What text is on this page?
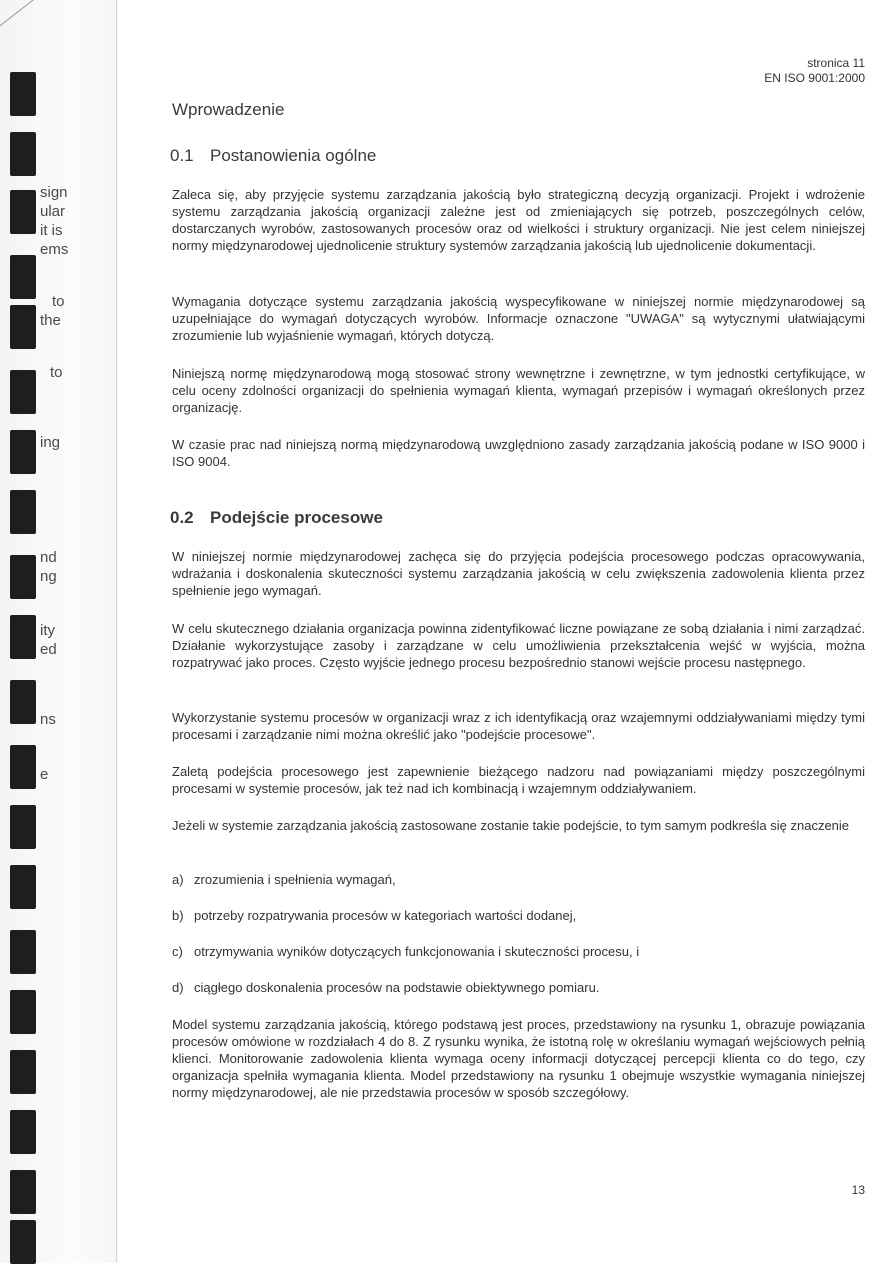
sign
ular
it is
ems
to
the
to
ing
nd
ng
ity
ed
ns
e
stronica 11
EN ISO 9001:2000
Wprowadzenie
0.1 Postanowienia ogólne

Zaleca się, aby przyjęcie systemu zarządzania jakością było strategiczną decyzją organizacji. Projekt i wdrożenie systemu zarządzania jakością organizacji zależne jest od zmieniających się potrzeb, poszczególnych celów, dostarczanych wyrobów, zastosowanych procesów oraz od wielkości i struktury organizacji. Nie jest celem niniejszej normy międzynarodowej ujednolicenie struktury systemów zarządzania jakością lub ujednolicenie dokumentacji.

Wymagania dotyczące systemu zarządzania jakością wyspecyfikowane w niniejszej normie międzynarodowej są uzupełniające do wymagań dotyczących wyrobów. Informacje oznaczone "UWAGA" są wytycznymi ułatwiającymi zrozumienie lub wyjaśnienie wymagań, których dotyczą.

Niniejszą normę międzynarodową mogą stosować strony wewnętrzne i zewnętrzne, w tym jednostki certyfikujące, w celu oceny zdolności organizacji do spełnienia wymagań klienta, wymagań przepisów i wymagań określonych przez organizację.

W czasie prac nad niniejszą normą międzynarodową uwzględniono zasady zarządzania jakością podane w ISO 9000 i ISO 9004.

0.2 Podejście procesowe

W niniejszej normie międzynarodowej zachęca się do przyjęcia podejścia procesowego podczas opracowywania, wdrażania i doskonalenia skuteczności systemu zarządzania jakością w celu zwiększenia zadowolenia klienta przez spełnienie jego wymagań.

W celu skutecznego działania organizacja powinna zidentyfikować liczne powiązane ze sobą działania i nimi zarządzać. Działanie wykorzystujące zasoby i zarządzane w celu umożliwienia przekształcenia wejść w wyjścia, można rozpatrywać jako proces. Często wyjście jednego procesu bezpośrednio stanowi wejście procesu następnego.

Wykorzystanie systemu procesów w organizacji wraz z ich identyfikacją oraz wzajemnymi oddziaływaniami między tymi procesami i zarządzanie nimi można określić jako "podejście procesowe".

Zaletą podejścia procesowego jest zapewnienie bieżącego nadzoru nad powiązaniami między poszczególnymi procesami w systemie procesów, jak też nad ich kombinacją i wzajemnym oddziaływaniem.

Jeżeli w systemie zarządzania jakością zastosowane zostanie takie podejście, to tym samym podkreśla się znaczenie

a) zrozumienia i spełnienia wymagań,
b) potrzeby rozpatrywania procesów w kategoriach wartości dodanej,
c) otrzymywania wyników dotyczących funkcjonowania i skuteczności procesu, i
d) ciągłego doskonalenia procesów na podstawie obiektywnego pomiaru.

Model systemu zarządzania jakością, którego podstawą jest proces, przedstawiony na rysunku 1, obrazuje powiązania procesów omówione w rozdziałach 4 do 8. Z rysunku wynika, że istotną rolę w określaniu wymagań wejściowych pełnią klienci. Monitorowanie zadowolenia klienta wymaga oceny informacji dotyczącej percepcji klienta co do tego, czy organizacja spełniła wymagania klienta. Model przedstawiony na rysunku 1 obejmuje wszystkie wymagania niniejszej normy międzynarodowej, ale nie przedstawia procesów w sposób szczegółowy.

13
